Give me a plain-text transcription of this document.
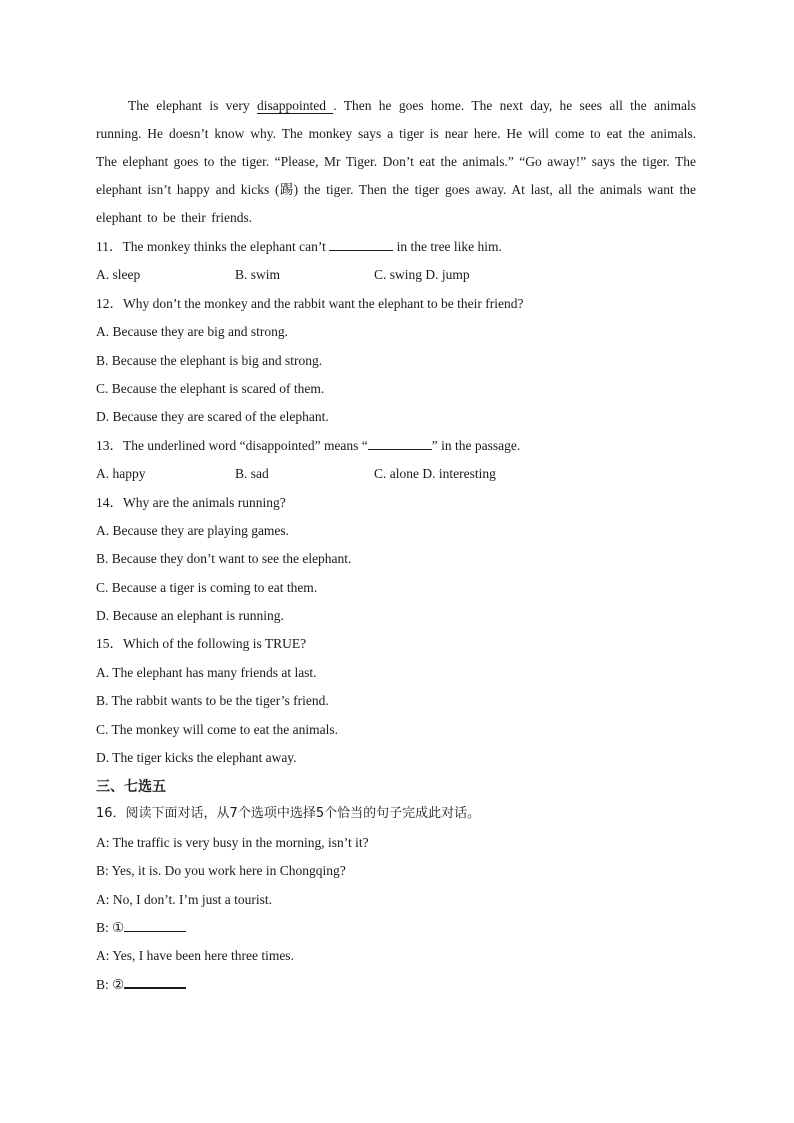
The elephant is very disappointed . Then he goes home. The next day, he sees all the animals running. He doesn’t know why. The monkey says a tiger is near here. He will come to eat the animals. The elephant goes to the tiger. “Please, Mr Tiger. Don’t eat the animals.” “Go away!” says the tiger. The elephant isn’t happy and kicks (踢) the tiger. Then the tiger goes away. At last, all the animals want the elephant to be their friends.

11．The monkey thinks the elephant can’t	in the tree like him.
A. sleep	B. swim	C. swing D. jump
12．Why don’t the monkey and the rabbit want the elephant to be their friend?
A. Because they are big and strong.
B. Because the elephant is big and strong.
C. Because the elephant is scared of them.
D. Because they are scared of the elephant.
13．The underlined word “disappointed” means “	” in the passage.
A. happy	B. sad	C. alone D. interesting
14．Why are the animals running?
A. Because they are playing games.
B. Because they don’t want to see the elephant.
C. Because a tiger is coming to eat them.
D. Because an elephant is running.
15．Which of the following is TRUE?
A. The elephant has many friends at last.
B. The rabbit wants to be the tiger’s friend.
C. The monkey will come to eat the animals.
D. The tiger kicks the elephant away.
三、七选五
16．阅读下面对话，从7个选项中选择5个恰当的句子完成此对话。
A: The traffic is very busy in the morning, isn’t it?
B: Yes, it is. Do you work here in Chongqing?
A: No, I don’t. I’m just a tourist.
B: ①
A: Yes, I have been here three times.
B: ②
